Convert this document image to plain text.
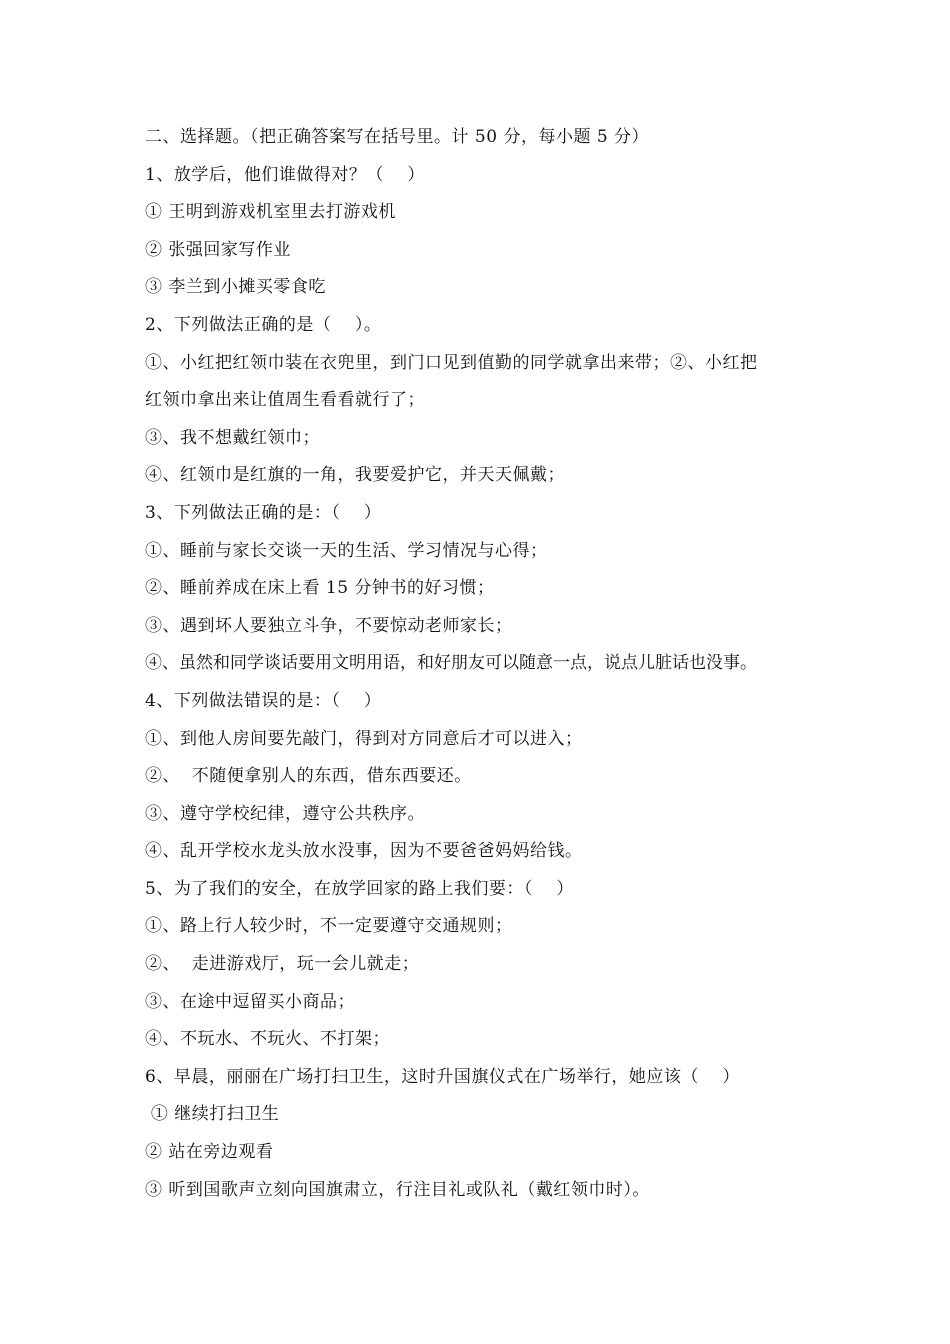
二、选择题。（把正确答案写在括号里。计 50 分，每小题 5 分）
1、放学后，他们谁做得对？（    ）
① 王明到游戏机室里去打游戏机
② 张强回家写作业
③ 李兰到小摊买零食吃
2、下列做法正确的是（    ）。
①、小红把红领巾装在衣兜里，到门口见到值勤的同学就拿出来带；②、小红把
红领巾拿出来让值周生看看就行了；
③、我不想戴红领巾；
④、红领巾是红旗的一角，我要爱护它，并天天佩戴；
3、下列做法正确的是：（    ）
①、睡前与家长交谈一天的生活、学习情况与心得；
②、睡前养成在床上看 15 分钟书的好习惯；
③、遇到坏人要独立斗争，不要惊动老师家长；
④、虽然和同学谈话要用文明用语，和好朋友可以随意一点，说点儿脏话也没事。
4、下列做法错误的是：（    ）
①、到他人房间要先敲门，得到对方同意后才可以进入；
②、  不随便拿别人的东西，借东西要还。
③、遵守学校纪律，遵守公共秩序。
④、乱开学校水龙头放水没事，因为不要爸爸妈妈给钱。
5、为了我们的安全，在放学回家的路上我们要：（    ）
①、路上行人较少时，不一定要遵守交通规则；
②、  走进游戏厅，玩一会儿就走；
③、在途中逗留买小商品；
④、不玩水、不玩火、不打架；
6、早晨，丽丽在广场打扫卫生，这时升国旗仪式在广场举行，她应该（    ）
① 继续打扫卫生
② 站在旁边观看
③ 听到国歌声立刻向国旗肃立，行注目礼或队礼（戴红领巾时）。
